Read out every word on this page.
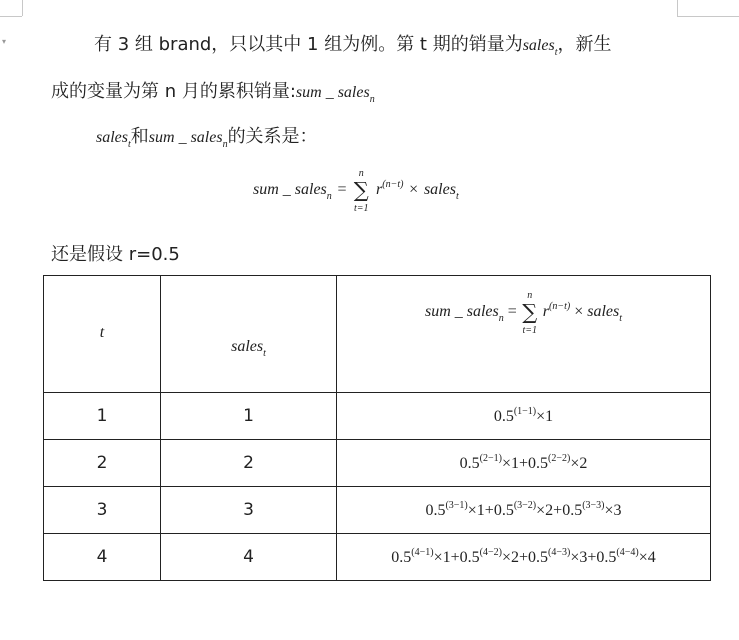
▾	有 3 组 brand，只以其中 1 组为例。第 t 期的销量为sales$_t$，新生
成的变量为第 n 月的累积销量:sum _ sales$_n$
sales$_t$和sum _ sales$_n$的关系是：
sum _ sales$_n$ =
n
∑
t=1
$r^{(n-t)}$ × sales$_t$
还是假设 r=0.5
t	sales$_t$	sum _ sales$_n$ =
n
∑
t=1
$r^{(n-t)}$ × sales$_t$
1	1	$0.5^{(1-1)}\times 1$
2	2	$0.5^{(2-1)}\times 1+0.5^{(2-2)}\times 2$
3	3	$0.5^{(3-1)}\times 1+0.5^{(3-2)}\times 2+0.5^{(3-3)}\times 3$
4	4	$0.5^{(4-1)}\times 1+0.5^{(4-2)}\times 2+0.5^{(4-3)}\times 3+0.5^{(4-4)}\times 4$
